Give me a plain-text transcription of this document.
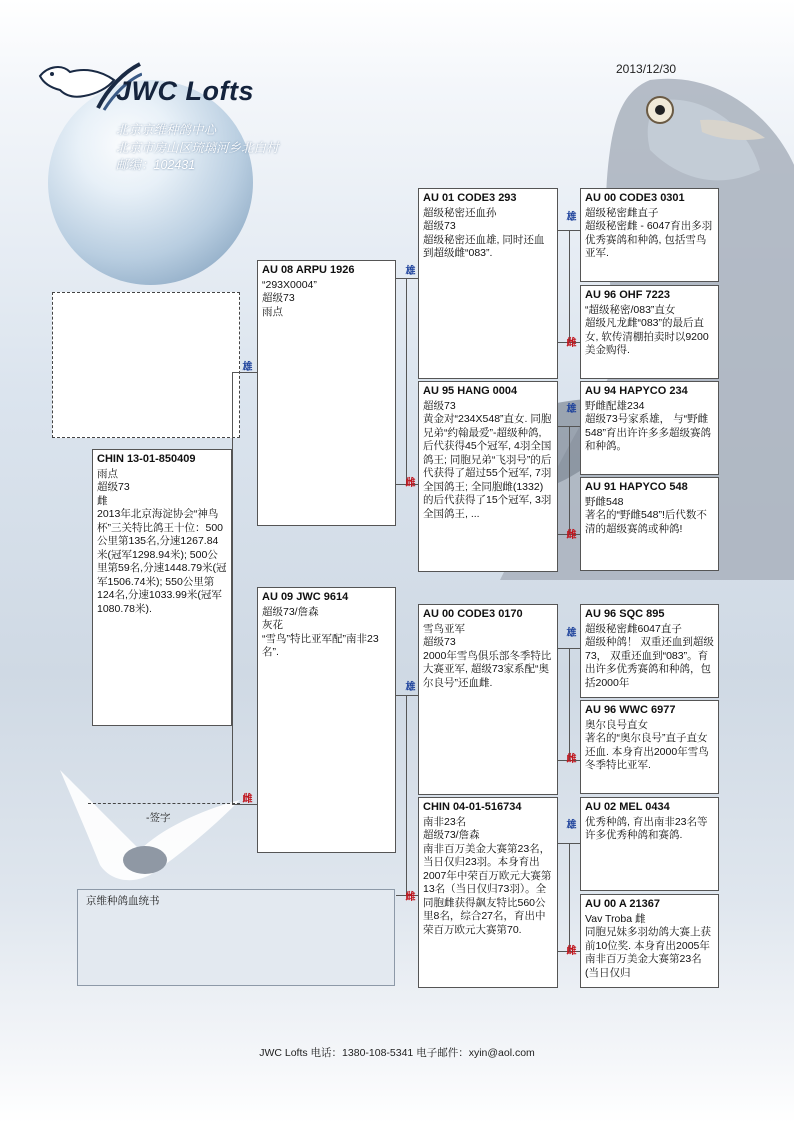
JWC Lofts
北京京维种鸽中心
北京市房山区琉璃河乡北白村
邮编：102431
2013/12/30
雄
雌
雄
雌
雄
雌
雄
雌
雄
雌
雄
雌
雄
雌
CHIN 13-01-850409
雨点
超级73
雌
2013年北京海淀协会“神鸟杯”三关特比鸽王十位：500公里第135名,分速1267.84米(冠军1298.94米); 500公里第59名,分速1448.79米(冠军1506.74米); 550公里第124名,分速1033.99米(冠军1080.78米).
AU 08 ARPU 1926
“293X0004”
超级73
雨点
AU 09 JWC 9614
超级73/詹森
灰花
“雪鸟”特比亚军配”南非23名”.
AU 01 CODE3 293
超级秘密还血孙
超级73
超级秘密还血雄, 同时还血到超级雌“083”.
AU 95 HANG 0004
超级73
黄金对“234X548”直女. 同胞兄弟“约翰最爱”-超级种鸽, 后代获得45个冠军, 4羽全国鸽王; 同胞兄弟“飞羽号”的后代获得了超过55个冠军, 7羽全国鸽王; 全同胞雌(1332)的后代获得了15个冠军, 3羽全国鸽王, ...
AU 00 CODE3 0170
雪鸟亚军
超级73
2000年雪鸟俱乐部冬季特比大赛亚军, 超级73家系配“奥尔良号”还血雌.
CHIN 04-01-516734
南非23名
超级73/詹森
南非百万美金大赛第23名，当日仅归23羽。本身育出2007年中荣百万欧元大赛第13名（当日仅归73羽）。全同胞雌获得飙友特比560公里8名，综合27名，育出中荣百万欧元大赛第70.
AU 00 CODE3 0301
超级秘密雌直子
超级秘密雌 - 6047育出多羽优秀赛鸽和种鸽, 包括雪鸟亚军.
AU 96 OHF 7223
“超级秘密/083”直女
超级凡龙雌“083”的最后直女, 软传清棚拍卖时以9200美金购得.
AU 94 HAPYCO 234
野雌配雄234
超级73号家系雄， 与“野雌548”育出许许多多超级赛鸽和种鸽。
AU 91 HAPYCO 548
野雌548
著名的“野雌548”!后代数不清的超级赛鸽或种鸽!
AU 96 SQC 895
超级秘密雌6047直子
超级种鸽！ 双重还血到超级73， 双重还血到“083”。育出许多优秀赛鸽和种鸽，包括2000年
AU 96 WWC 6977
奥尔良号直女
著名的“奥尔良号”直子直女还血. 本身育出2000年雪鸟冬季特比亚军.
AU 02 MEL 0434
优秀种鸽, 育出南非23名等许多优秀种鸽和赛鸽.
AU 00 A 21367
Vav Troba 雌
同胞兄妹多羽幼鸽大赛上获前10位奖. 本身育出2005年南非百万美金大赛第23名(当日仅归
-签字
京维种鸽血统书
JWC Lofts 电话：1380-108-5341 电子邮件：xyin@aol.com
